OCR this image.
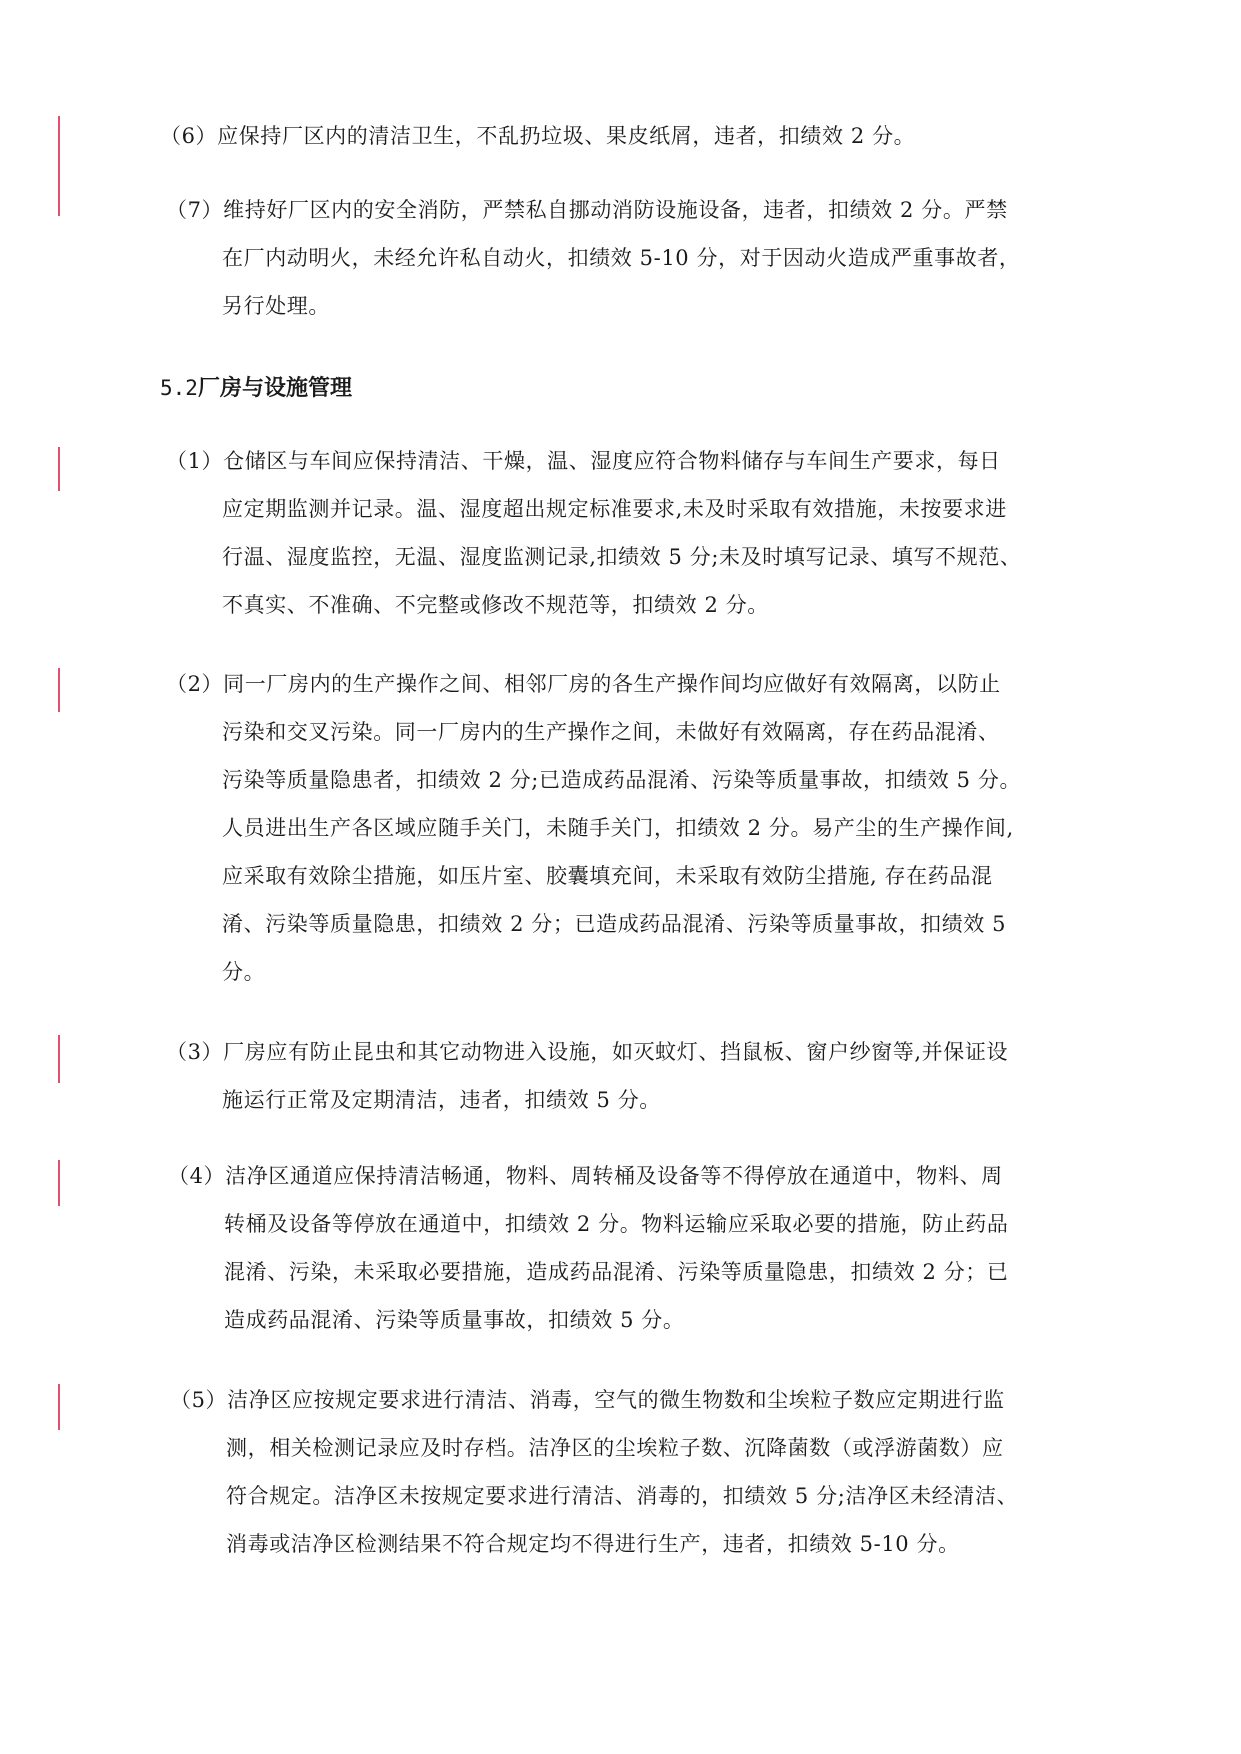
（6）应保持厂区内的清洁卫生，不乱扔垃圾、果皮纸屑，违者，扣绩效 2 分。
（7）维持好厂区内的安全消防，严禁私自挪动消防设施设备，违者，扣绩效 2 分。严禁
在厂内动明火，未经允许私自动火，扣绩效 5-10 分，对于因动火造成严重事故者，
另行处理。
5.2厂房与设施管理
（1）仓储区与车间应保持清洁、干燥，温、湿度应符合物料储存与车间生产要求，每日
应定期监测并记录。温、湿度超出规定标准要求,未及时采取有效措施，未按要求进
行温、湿度监控，无温、湿度监测记录,扣绩效 5 分;未及时填写记录、填写不规范、
不真实、不准确、不完整或修改不规范等，扣绩效 2 分。
（2）同一厂房内的生产操作之间、相邻厂房的各生产操作间均应做好有效隔离，以防止
污染和交叉污染。同一厂房内的生产操作之间，未做好有效隔离，存在药品混淆、
污染等质量隐患者，扣绩效 2 分;已造成药品混淆、污染等质量事故，扣绩效 5 分。
人员进出生产各区域应随手关门，未随手关门，扣绩效 2 分。易产尘的生产操作间,
应采取有效除尘措施，如压片室、胶囊填充间，未采取有效防尘措施, 存在药品混
淆、污染等质量隐患，扣绩效 2 分；已造成药品混淆、污染等质量事故，扣绩效 5
分。
（3）厂房应有防止昆虫和其它动物进入设施，如灭蚊灯、挡鼠板、窗户纱窗等,并保证设
施运行正常及定期清洁，违者，扣绩效 5 分。
（4）洁净区通道应保持清洁畅通，物料、周转桶及设备等不得停放在通道中，物料、周
转桶及设备等停放在通道中，扣绩效 2 分。物料运输应采取必要的措施，防止药品
混淆、污染，未采取必要措施，造成药品混淆、污染等质量隐患，扣绩效 2 分；已
造成药品混淆、污染等质量事故，扣绩效 5 分。
（5）洁净区应按规定要求进行清洁、消毒，空气的微生物数和尘埃粒子数应定期进行监
测，相关检测记录应及时存档。洁净区的尘埃粒子数、沉降菌数（或浮游菌数）应
符合规定。洁净区未按规定要求进行清洁、消毒的，扣绩效 5 分;洁净区未经清洁、
消毒或洁净区检测结果不符合规定均不得进行生产，违者，扣绩效 5-10 分。
